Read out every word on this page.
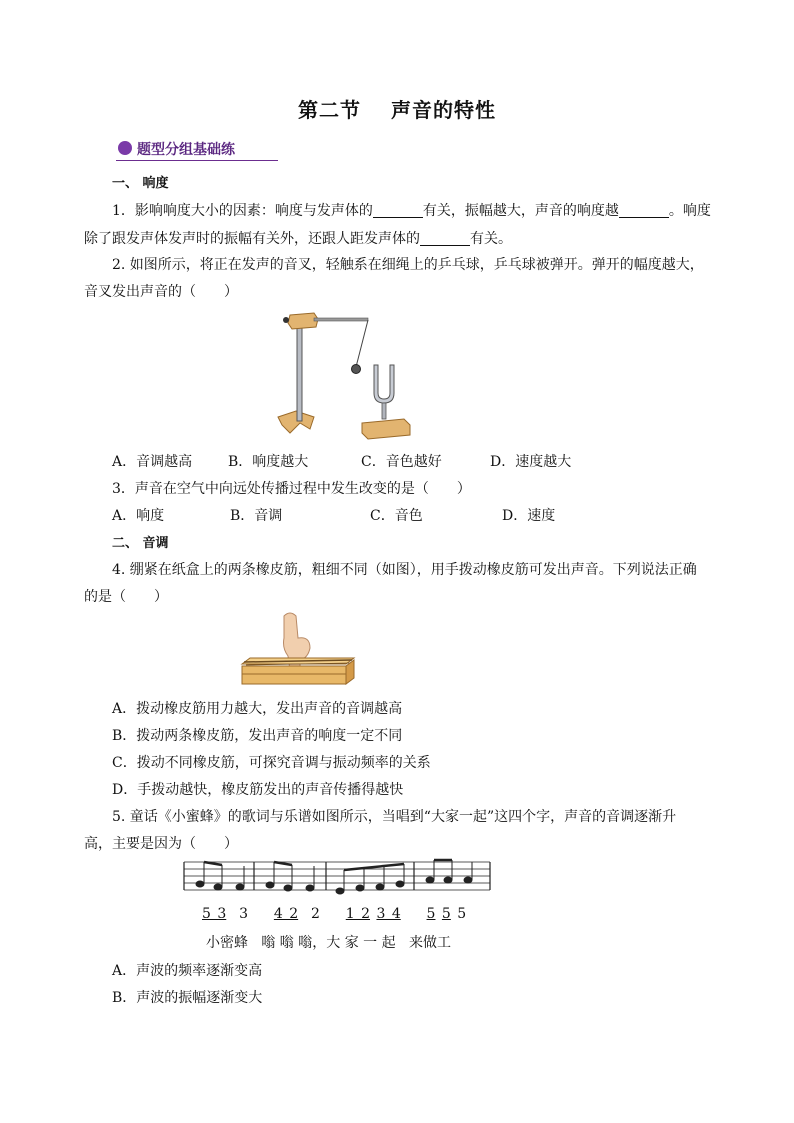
第二节 声音的特性
题型分组基础练
一、 响度
1．影响响度大小的因素：响度与发声体的	有关，振幅越大，声音的响度越	。响度
除了跟发声体发声时的振幅有关外，还跟人距发声体的	有关。
2. 如图所示，将正在发声的音叉，轻触系在细绳上的乒乓球，乒乓球被弹开。弹开的幅度越大，
音叉发出声音的（　　）
A．音调越高	B．响度越大	C．音色越好	D．速度越大
3．声音在空气中向远处传播过程中发生改变的是（　　）
A．响度	B．音调	C．音色	D．速度
二、 音调
4. 绷紧在纸盒上的两条橡皮筋，粗细不同（如图），用手拨动橡皮筋可发出声音。下列说法正确
的是（　　）
A．拨动橡皮筋用力越大，发出声音的音调越高
B．拨动两条橡皮筋，发出声音的响度一定不同
C．拨动不同橡皮筋，可探究音调与振动频率的关系
D．手拨动越快，橡皮筋发出的声音传播得越快
5. 童话《小蜜蜂》的歌词与乐谱如图所示，当唱到“大家一起”这四个字，声音的音调逐渐升
高，主要是因为（　　）
5 3  3    4 2  2    1 2 3 4 5 5 5
小密蜂   嗡 嗡 嗡，大 家 一 起   来做工
A．声波的频率逐渐变高
B．声波的振幅逐渐变大
